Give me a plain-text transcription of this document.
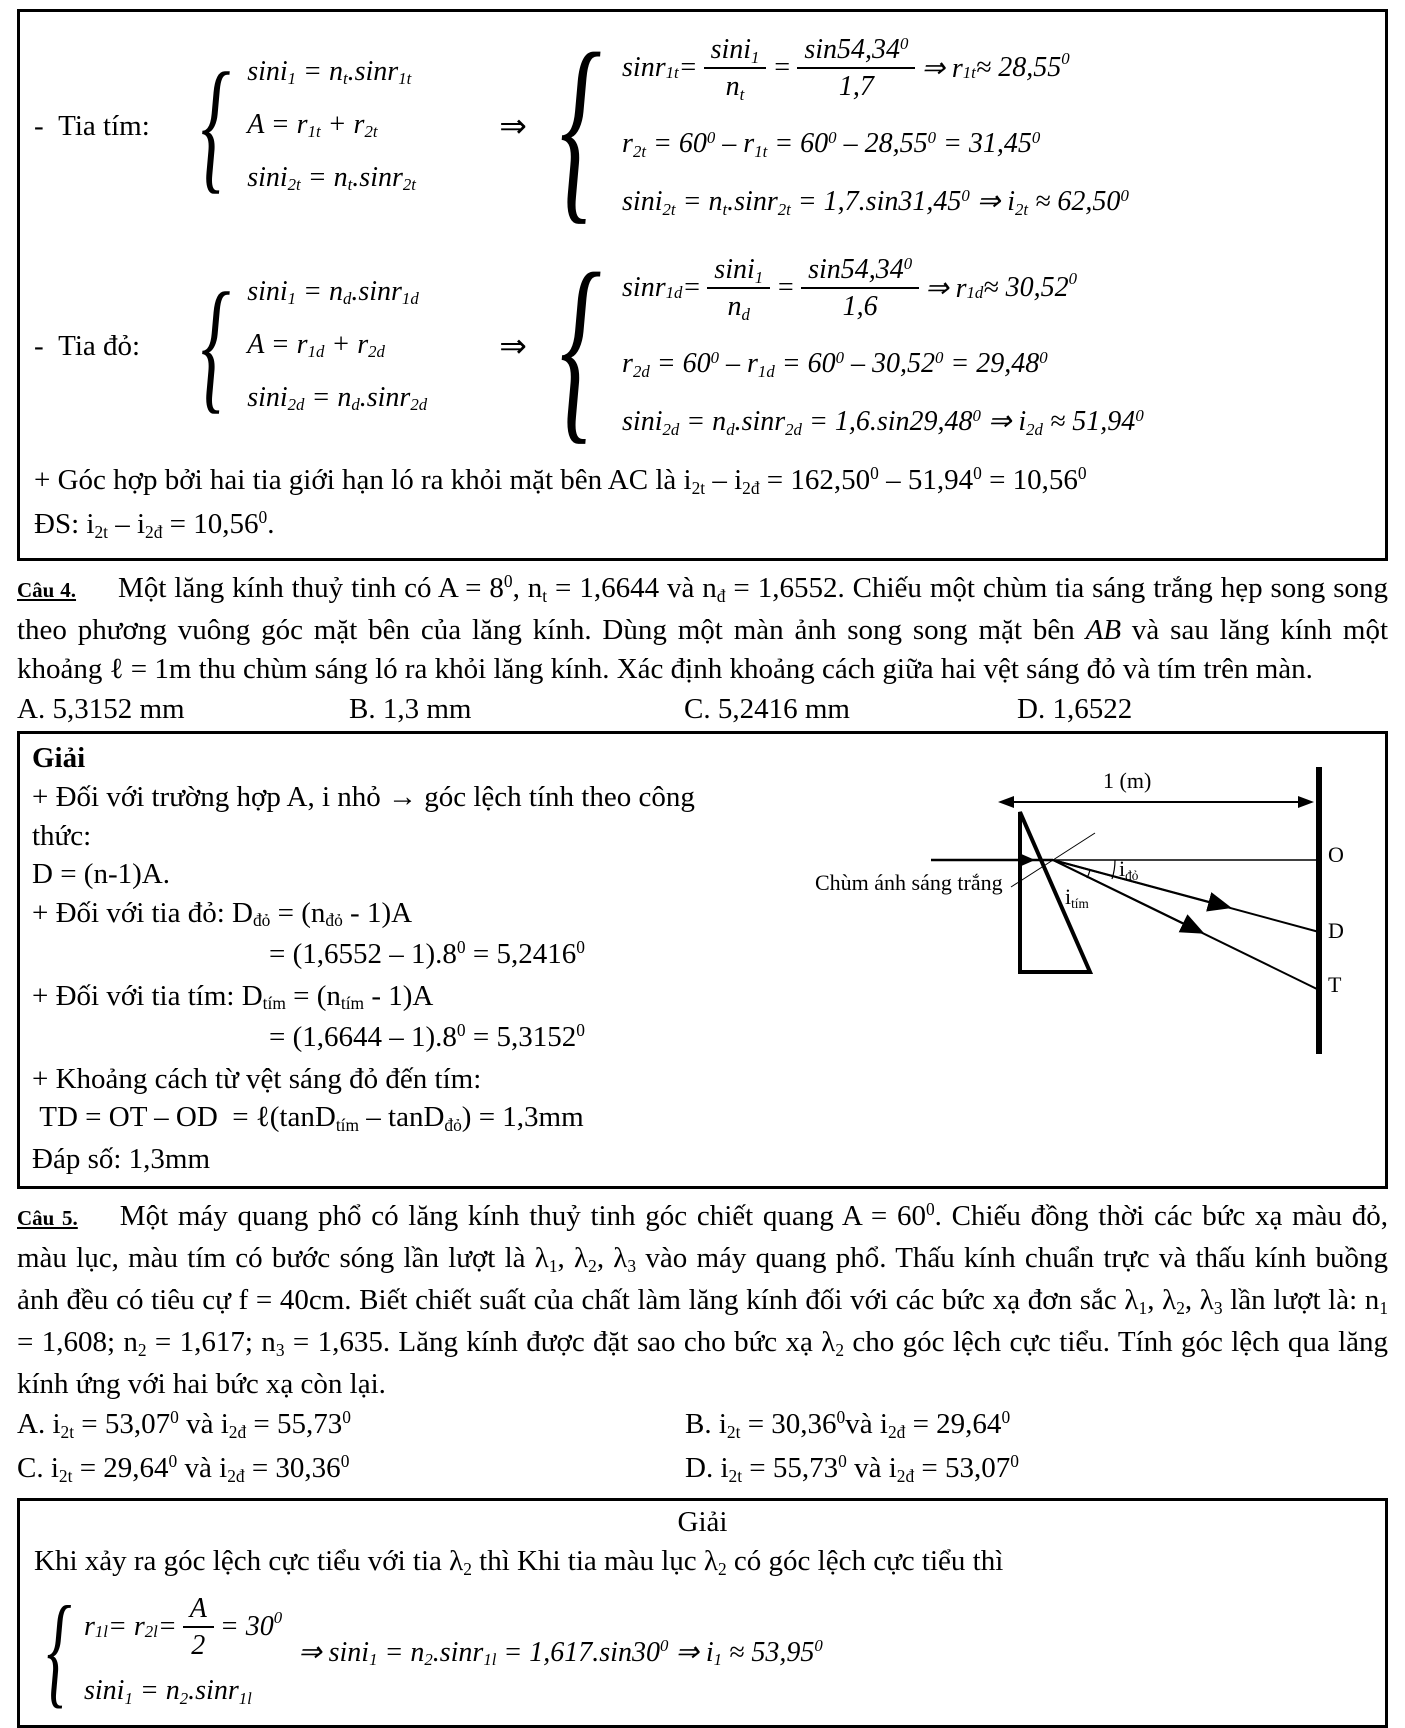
-  Tia tím: { $\sin i_1 = n_t.\sin r_{1t}$
$A = r_{1t} + r_{2t}$
$\sin i_{2t} = n_t.\sin r_{2t}$
⇒ { sinr$_{1t}$ =
sini$_1$
$n_t$
=
$\sin 54,34^0$
1,7
⇒ $r_{1t} \approx 28,55^0$
$r_{2t} = 60^0 - r_{1t} = 60^0 - 28,55^0 = 31,45^0$
$\sin i_{2t} = n_t.\sin r_{2t} = 1,7.\sin 31,45^0$ ⇒ $i_{2t} \approx 62,50^0$
-  Tia đỏ: { $\sin i_1 = n_d.\sin r_{1d}$
$A = r_{1d} + r_{2d}$
$\sin i_{2d} = n_d.\sin r_{2d}$
⇒ { sinr$_{1d}$ =
sini$_1$
$n_d$
=
$\sin 54,34^0$
1,6
⇒ $r_{1d} \approx 30,52^0$
$r_{2d} = 60^0 - r_{1d} = 60^0 - 30,52^0 = 29,48^0$
$\sin i_{2d} = n_d.\sin r_{2d} = 1,6.\sin 29,48^0$ ⇒ $i_{2d} \approx 51,94^0$
+ Góc hợp bởi hai tia giới hạn ló ra khỏi mặt bên AC là $i_{2t} - i_{2đ} = 162,50^0 - 51,94^0 = 10,56^0$
ĐS: $i_{2t} - i_{2đ} = 10,56^0$.
Câu 4. Một lăng kính thuỷ tinh có $A = 8^0$, $n_t = 1,6644$ và $n_đ = 1,6552$. Chiếu một chùm tia sáng trắng hẹp song song theo phương vuông góc mặt bên của lăng kính. Dùng một màn ảnh song song mặt bên AB và sau lăng kính một khoảng ℓ = 1m thu chùm sáng ló ra khỏi lăng kính. Xác định khoảng cách giữa hai vệt sáng đỏ và tím trên màn.
A. 5,3152 mm	B. 1,3 mm	C. 5,2416 mm	D. 1,6522
Giải
+ Đối với trường hợp A, i nhỏ → góc lệch tính theo công
thức:
D = (n-1)A.
+ Đối với tia đỏ: $D_{đỏ} = (n_{đỏ} - 1)A$
= $(1,6552 - 1).8^0 = 5,2416^0$
+ Đối với tia tím: $D_{tím} = (n_{tím} - 1)A$
= $(1,6644 - 1).8^0 = 5,3152^0$
+ Khoảng cách từ vệt sáng đỏ đến tím:
TD = OT – OD  = ℓ(tanD$_{tím}$ – tanD$_{đỏ}$) = 1,3mm
Đáp số: 1,3mm
1 (m)
Chùm ánh sáng trắng
$i_{đỏ}$
$i_{tím}$
O
D
T
Câu 5. Một máy quang phổ có lăng kính thuỷ tinh góc chiết quang $A = 60^0$. Chiếu đồng thời các bức xạ màu đỏ, màu lục, màu tím có bước sóng lần lượt là $\lambda_1$, $\lambda_2$, $\lambda_3$ vào máy quang phổ. Thấu kính chuẩn trực và thấu kính buồng ảnh đều có tiêu cự f = 40cm. Biết chiết suất của chất làm lăng kính đối với các bức xạ đơn sắc $\lambda_1$, $\lambda_2$, $\lambda_3$ lần lượt là: $n_1 = 1,608$; $n_2 = 1,617$; $n_3 = 1,635$. Lăng kính được đặt sao cho bức xạ $\lambda_2$ cho góc lệch cực tiểu. Tính góc lệch qua lăng kính ứng với hai bức xạ còn lại.
A. $i_{2t} = 53,07^0$ và $i_{2đ} = 55,73^0$	B. $i_{2t}$ = $30,36^0và$ $i_{2đ} = 29,64^0$
C. $i_{2t} = 29,64^0$ và $i_{2đ} = 30,36^0$	D. $i_{2t} = 55,73^0$ và $i_{2đ} = 53,07^0$
Giải
Khi xảy ra góc lệch cực tiểu với tia $\lambda_2$ thì Khi tia màu lục $\lambda_2$ có góc lệch cực tiểu thì
{ $r_{1l} = r_{2l}$ =
A
2
= $30^0$
$\sin i_1 = n_2.\sin r_{1l}$
⇒ $\sin i_1 = n_2.\sin r_{1l} = 1,617.\sin 30^0$ ⇒ $i_1 \approx 53,95^0$
